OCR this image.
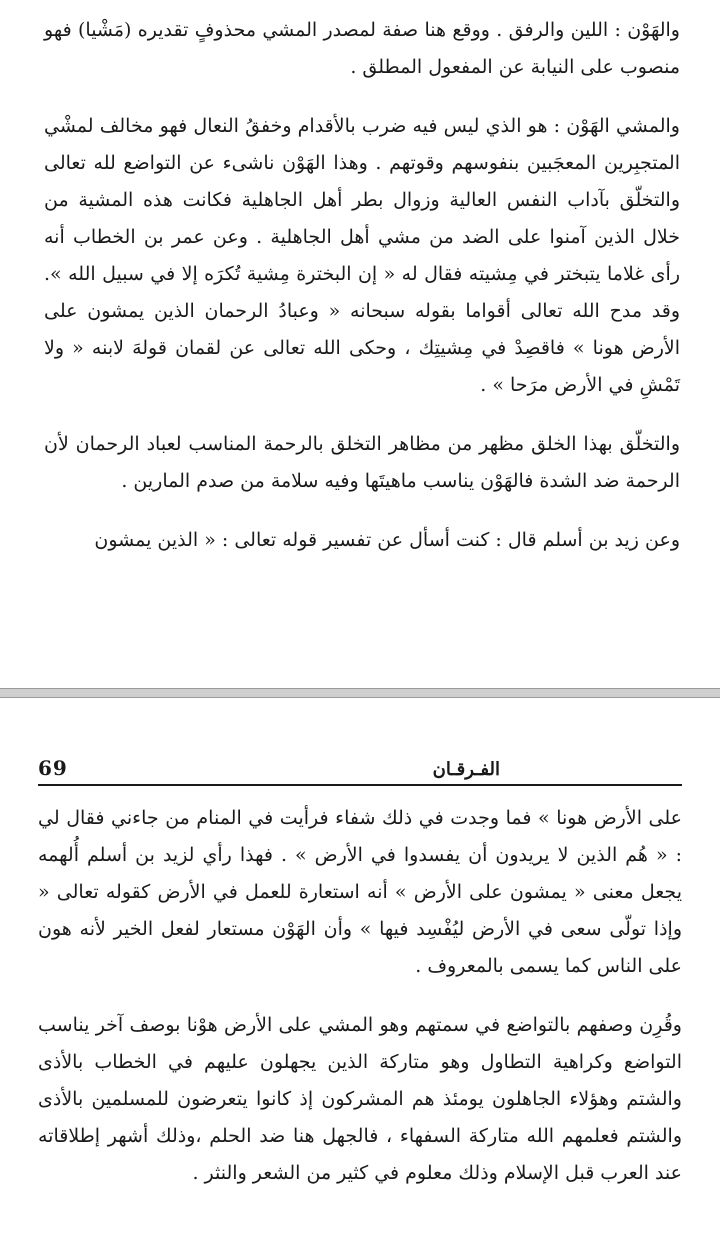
والهَوْن : اللين والرفق . ووقع هنا صفة لمصدر المشي محذوفٍ تقديره (مَشْيا) فهو منصوب على النيابة عن المفعول المطلق .

والمشي الهَوْن : هو الذي ليس فيه ضرب بالأقدام وخفقُ النعال فهو مخالف لمشْي المتجبِرين المعجَبين بنفوسهم وقوتهم . وهذا الهَوْن ناشىء عن التواضع لله تعالى والتخلّق بآداب النفس العالية وزوال بطر أهل الجاهلية فكانت هذه المشية من خلال الذين آمنوا على الضد من مشي أهل الجاهلية . وعن عمر بن الخطاب أنه رأى غلاما يتبختر في مِشيته فقال له « إن البخترة مِشية تُكرَه إلا في سبيل الله ». وقد مدح الله تعالى أقواما بقوله سبحانه « وعبادُ الرحمان الذين يمشون على الأرض هونا » فاقصِدْ في مِشيتِك ، وحكى الله تعالى عن لقمان قولهَ لابنه « ولا تَمْشِ في الأرض مرَحا » .

والتخلّق بهذا الخلق مظهر من مظاهر التخلق بالرحمة المناسب لعباد الرحمان لأن الرحمة ضد الشدة فالهَوْن يناسب ماهيتَها وفيه سلامة من صدم المارين .

وعن زيد بن أسلم قال : كنت أسأل عن تفسير قوله تعالى : « الذين يمشون

69	الفـرقـان

على الأرض هونا » فما وجدت في ذلك شفاء فرأيت في المنام من جاءني فقال لي : « هُم الذين لا يريدون أن يفسدوا في الأرض » . فهذا رأي لزيد بن أسلم أُلهمه يجعل معنى « يمشون على الأرض » أنه استعارة للعمل في الأرض كقوله تعالى « وإذا تولّى سعى في الأرض ليُفْسِد فيها » وأن الهَوْن مستعار لفعل الخير لأنه هون على الناس كما يسمى بالمعروف .

وقُرِن وصفهم بالتواضع في سمتهم وهو المشي على الأرض هوْنا بوصف آخر يناسب التواضع وكراهية التطاول وهو متاركة الذين يجهلون عليهم في الخطاب بالأذى والشتم وهؤلاء الجاهلون يومئذ هم المشركون إذ كانوا يتعرضون للمسلمين بالأذى والشتم فعلمهم الله متاركة السفهاء ، فالجهل هنا ضد الحلم ،وذلك أشهر إطلاقاته عند العرب قبل الإسلام وذلك معلوم في كثير من الشعر والنثر .
